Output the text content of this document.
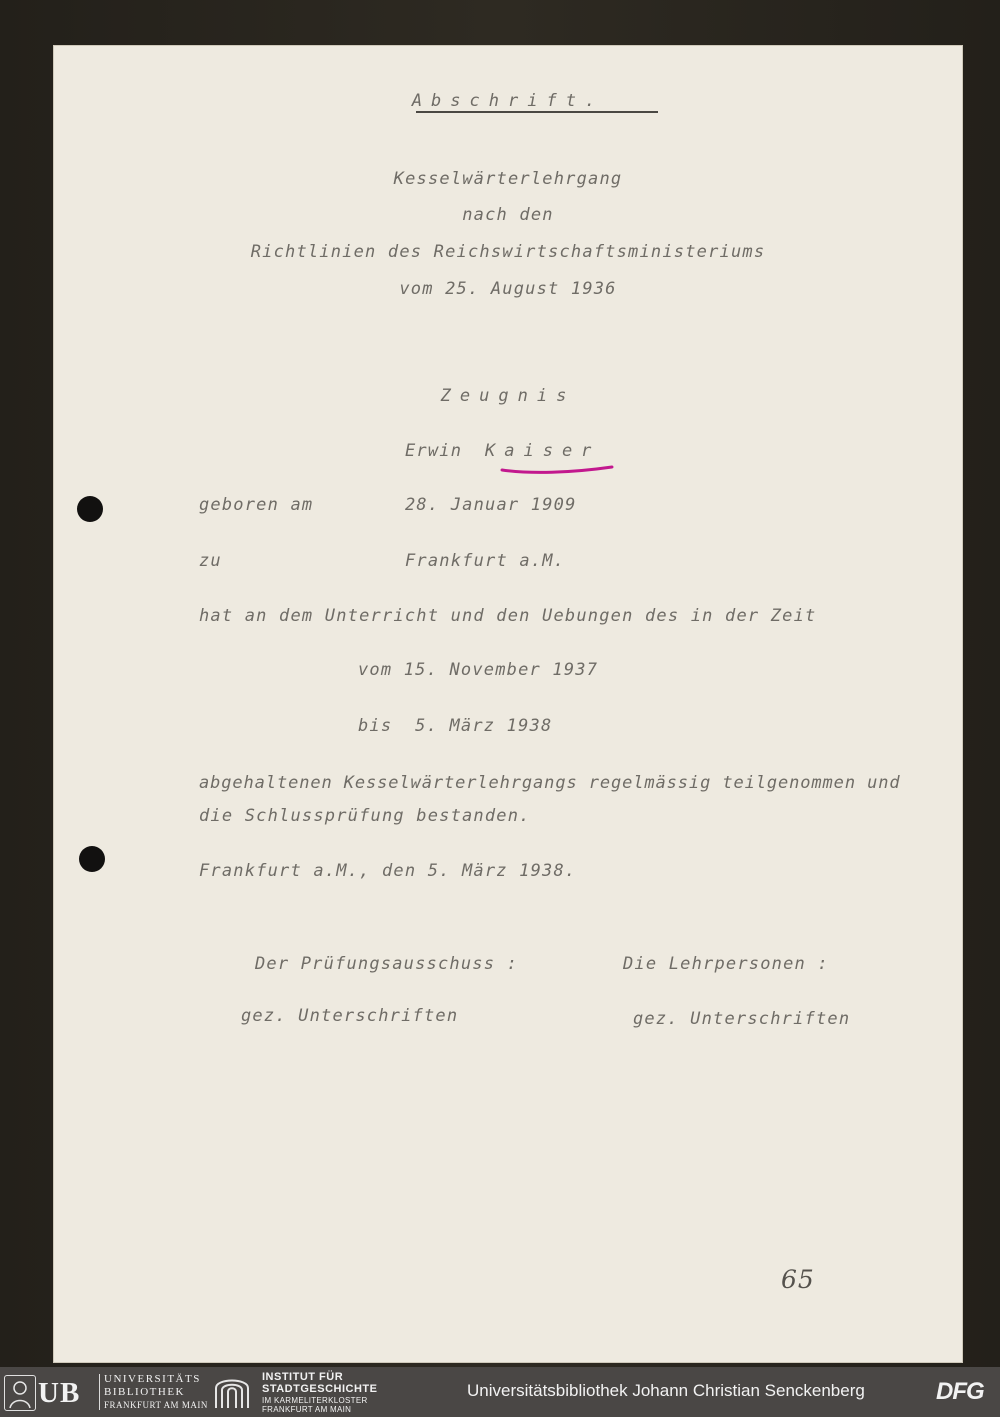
Abschrift.

Kesselwärterlehrgang

nach den

Richtlinien des Reichswirtschaftsministeriums

vom 25. August 1936

Zeugnis

Erwin Kaiser

geboren am	28. Januar 1909

zu	Frankfurt a.M.

hat an dem Unterricht und den Uebungen des in der Zeit

vom 15. November 1937

bis  5. März 1938

abgehaltenen Kesselwärterlehrgangs regelmässig teilgenommen und

die Schlussprüfung bestanden.

Frankfurt a.M., den 5. März 1938.

Der Prüfungsausschuss :	Die Lehrpersonen :

gez. Unterschriften	gez. Unterschriften

65

UB UNIVERSITÄTS

BIBLIOTHEK

FRANKFURT AM MAIN

INSTITUT FÜR

STADTGESCHICHTE

IM KARMELITERKLOSTER

FRANKFURT AM MAIN

Universitätsbibliothek Johann Christian Senckenberg	DFG
